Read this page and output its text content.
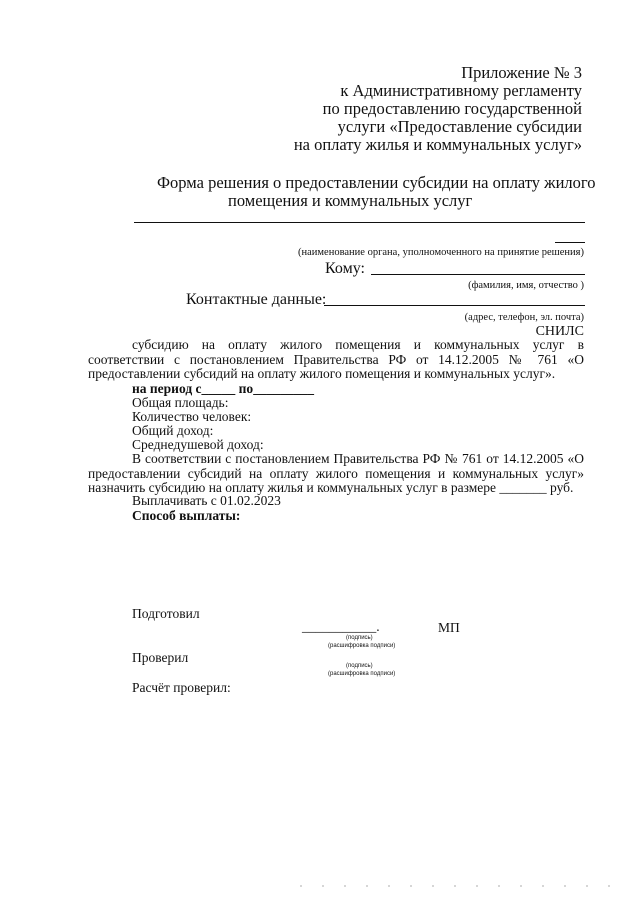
Приложение № 3
к Административному регламенту
по предоставлению государственной
услуги «Предоставление субсидии
на оплату жилья и коммунальных услуг»
Форма решения о предоставлении субсидии на оплату жилого
помещения и коммунальных услуг
(наименование органа, уполномоченного на принятие решения)
Кому:
(фамилия, имя, отчество )
Контактные данные:
(адрес, телефон, эл. почта)
СНИЛС
субсидию на оплату жилого помещения и коммунальных услуг в соответствии с постановлением Правительства РФ от 14.12.2005 № 761 «О предоставлении субсидий на оплату жилого помещения и коммунальных услуг».
на период с_____ по_________
Общая площадь:
Количество человек:
Общий доход:
Среднедушевой доход:
В соответствии с постановлением Правительства РФ № 761 от 14.12.2005 «О предоставлении субсидий на оплату жилого помещения и коммунальных услуг» назначить субсидию на оплату жилья и коммунальных услуг в размере _______ руб.
Выплачивать с 01.02.2023
Способ выплаты:
Подготовил
___________.
(подпись)
(расшифровка подписи)
МП
Проверил
(подпись)
(расшифровка подписи)
Расчёт проверил:
